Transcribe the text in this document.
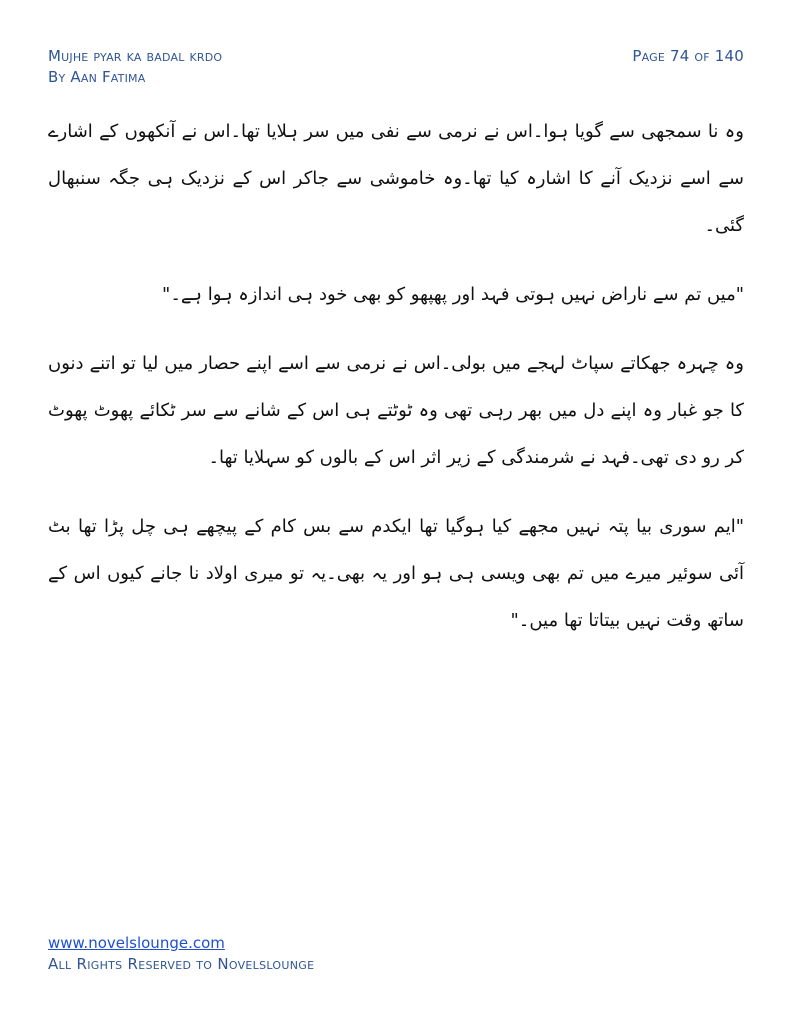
Mujhe pyar ka badal krdo
By Aan Fatima
Page 74 of 140

وہ نا سمجھی سے گویا ہوا۔اس نے نرمی سے نفی میں سر ہلایا تھا۔اس نے آنکھوں کے اشارے سے اسے نزدیک آنے کا اشارہ کیا تھا۔وہ خاموشی سے جاکر اس کے نزدیک ہی جگہ سنبھال گئی۔

"میں تم سے ناراض نہیں ہوتی فہد اور پھپھو کو بھی خود ہی اندازہ ہوا ہے۔"

وہ چہرہ جھکاتے سپاٹ لہجے میں بولی۔اس نے نرمی سے اسے اپنے حصار میں لیا تو اتنے دنوں کا جو غبار وہ اپنے دل میں بھر رہی تھی وہ ٹوٹتے ہی اس کے شانے سے سر ٹکائے پھوٹ پھوٹ کر رو دی تھی۔فہد نے شرمندگی کے زیر اثر اس کے بالوں کو سہلایا تھا۔

"ایم سوری بیا پتہ نہیں مجھے کیا ہوگیا تھا ایکدم سے بس کام کے پیچھے ہی چل پڑا تھا بٹ آئی سوئیر میرے میں تم بھی ویسی ہی ہو اور یہ بھی۔یہ تو میری اولاد نا جانے کیوں اس کے ساتھ وقت نہیں بیتاتا تھا میں۔"

www.novelslounge.com
All Rights Reserved to Novelslounge
